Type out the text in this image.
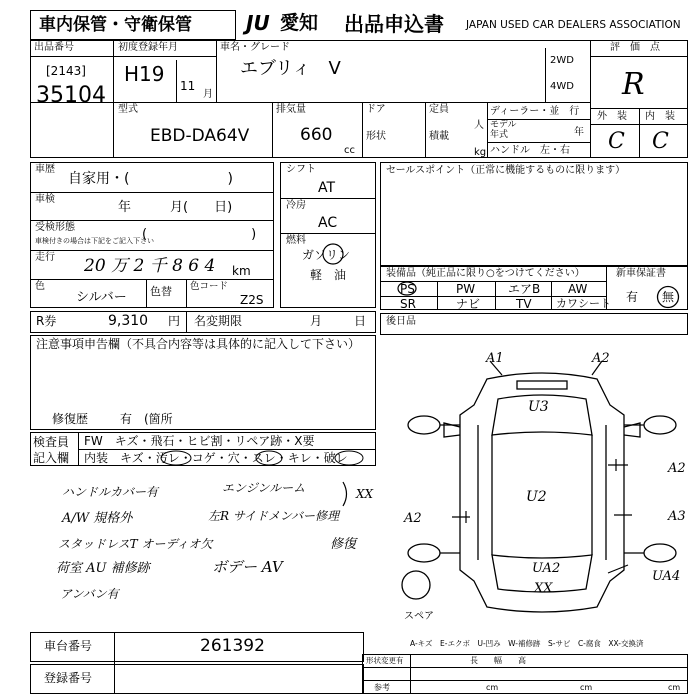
車内保管・守衛保管	JU 愛知 出品申込書 JAPAN USED CAR DEALERS ASSOCIATION
出品番号
[2143]
35104
初度登録年月
H19 11
月
車名・グレード
エブリィ　V	2WD
4WD
評　価　点
R
外　装 内　装
C C
型式
EBD-DA64V
排気量
660
cc
ドア
形状
定員
人
積載
kg
ディーラー・並　行
モデル
年式	年
ハンドル　左・右
車歴
自家用・(　　　　　　　)
車検
年　　　月(　　日)
受検形態
車検付きの場合は下記をご記入下さい
(　　　　　　　　)
走行 20 万 2 千 8 6 4 km
色
シルバー 色替 色コード
Z2S
シフト
AT
冷房
AC
燃料
ガソリン
軽　油
セールスポイント（正常に機能するものに限ります）
装備品（純正品に限り○をつけてください）
PS	PW	エアB AW
SR	ナビ	TV カワシート
新車保証書
有 無
R券	9,310 円 名変期限	月	日 後日品
注意事項申告欄（不具合内容等は具体的に記入して下さい）
修復歴	有　(箇所
検査員
記入欄
FW　キズ・飛石・ヒビ割・リペア跡・X要
内装　キズ・汚レ・コゲ・穴・スレ・キレ・破レ
ハンドルカバー有	エンジンルーム	XX
A/W 規格外	左R サイドメンバー修理
スタッドレスT オーディオ欠	修復
荷室 AU 補修跡	ボデー AV
アンバン有
A1	A2
U3
U2
A2
A3
A2
UA2
XX
UA4
スペア
A-キズ　E-エクボ　U-凹み　W-補修跡　S-サビ　C-腐食　XX-交換済
車台番号	261392
登録番号
形状変更有	長　　幅　　高
参考	cm	cm	cm
